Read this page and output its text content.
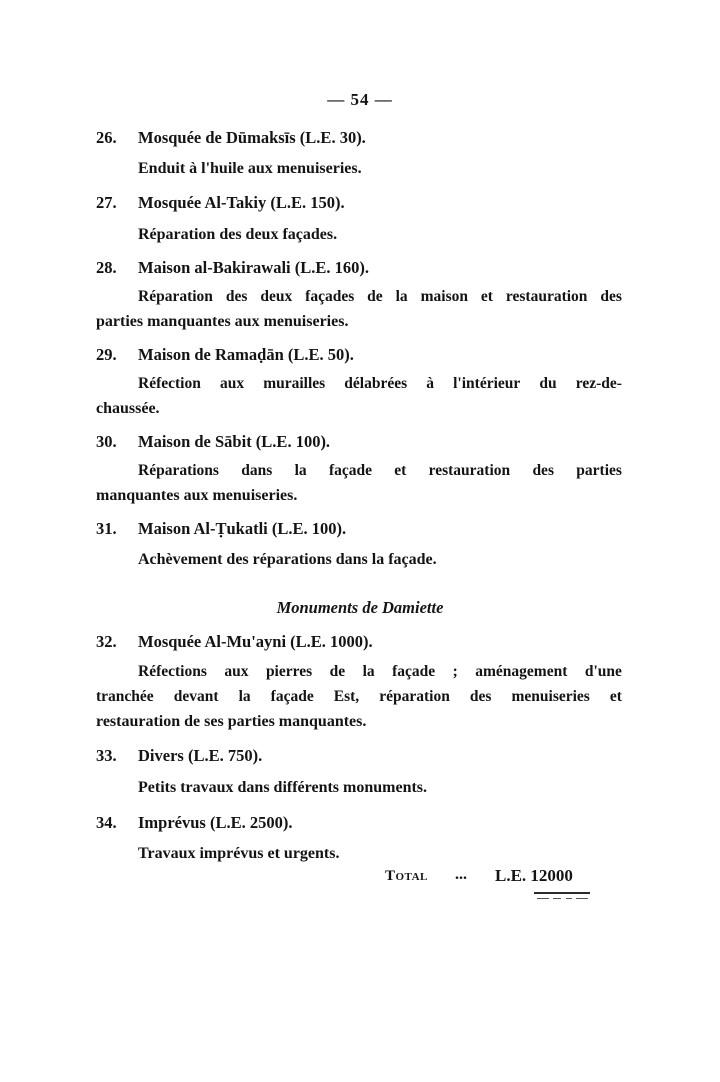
— 54 —
26. Mosquée de Dūmaksīs (L.E. 30).
Enduit à l'huile aux menuiseries.
27. Mosquée Al-Takiy (L.E. 150).
Réparation des deux façades.
28. Maison al-Bakirawali (L.E. 160).
Réparation des deux façades de la maison et restauration des
parties manquantes aux menuiseries.
29. Maison de Ramaḍān (L.E. 50).
Réfection aux murailles délabrées à l'intérieur du rez-de-
chaussée.
30. Maison de Sābit (L.E. 100).
Réparations dans la façade et restauration des parties
manquantes aux menuiseries.
31. Maison Al-Ṭukatli (L.E. 100).
Achèvement des réparations dans la façade.
Monuments de Damiette
32. Mosquée Al-Mu'ayni (L.E. 1000).
Réfections aux pierres de la façade ; aménagement d'une
tranchée devant la façade Est, réparation des menuiseries et
restauration de ses parties manquantes.
33. Divers (L.E. 750).
Petits travaux dans différents monuments.
34. Imprévus (L.E. 2500).
Travaux imprévus et urgents.
Total ... L.E. 12000
